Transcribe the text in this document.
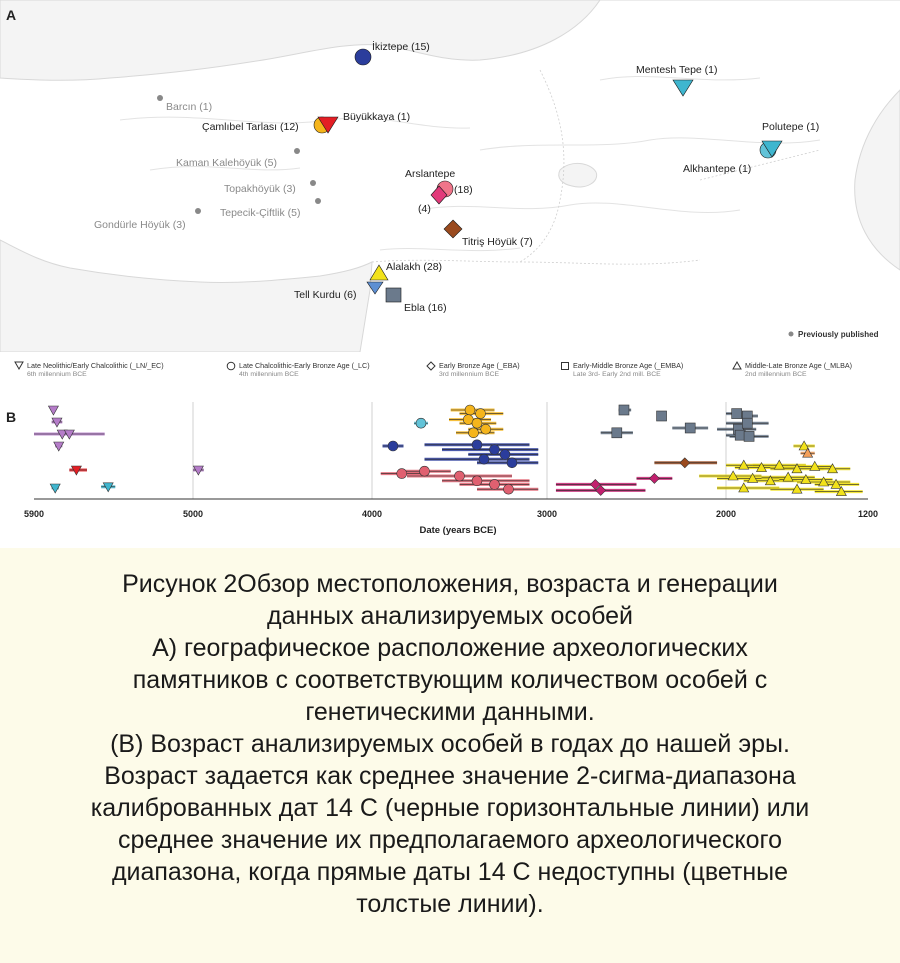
A
İkiztepe (15)
Barcın (1)
Çamlıbel Tarlası (12)
Büyükkaya (1)
Kaman Kalehöyük (5)
Topakhöyük (3)
Tepecik-Çiftlik (5)
Gondürle Höyük (3)
Arslantepe
(18)
(4)
Titriş Höyük (7)
Alalakh (28)
Tell Kurdu (6)
Ebla (16)
Mentesh Tepe (1)
Polutepe (1)
Alkhantepe (1)
Previously published
Late Neolithic/Early Chalcolithic (_LN/_EC)
6th millennium BCE
Late Chalcolithic-Early Bronze Age (_LC)
4th millennium BCE
Early Bronze Age (_EBA)
3rd millennium BCE
Early-Middle Bronze Age (_EMBA)
Late 3rd- Early 2nd mill. BCE
Middle-Late Bronze Age (_MLBA)
2nd millennium BCE
B
5900	5000	4000	3000	2000	1200
Date (years BCE)
Рисунок 2Обзор местоположения, возраста и генерации
данных анализируемых особей
А) географическое расположение археологических
памятников с соответствующим количеством особей с
генетическими данными.
(В) Возраст анализируемых особей в годах до нашей эры.
Возраст задается как среднее значение 2-сигма-диапазона
калиброванных дат 14 С (черные горизонтальные линии) или
среднее значение их предполагаемого археологического
диапазона, когда прямые даты 14 С недоступны (цветные
толстые линии).
